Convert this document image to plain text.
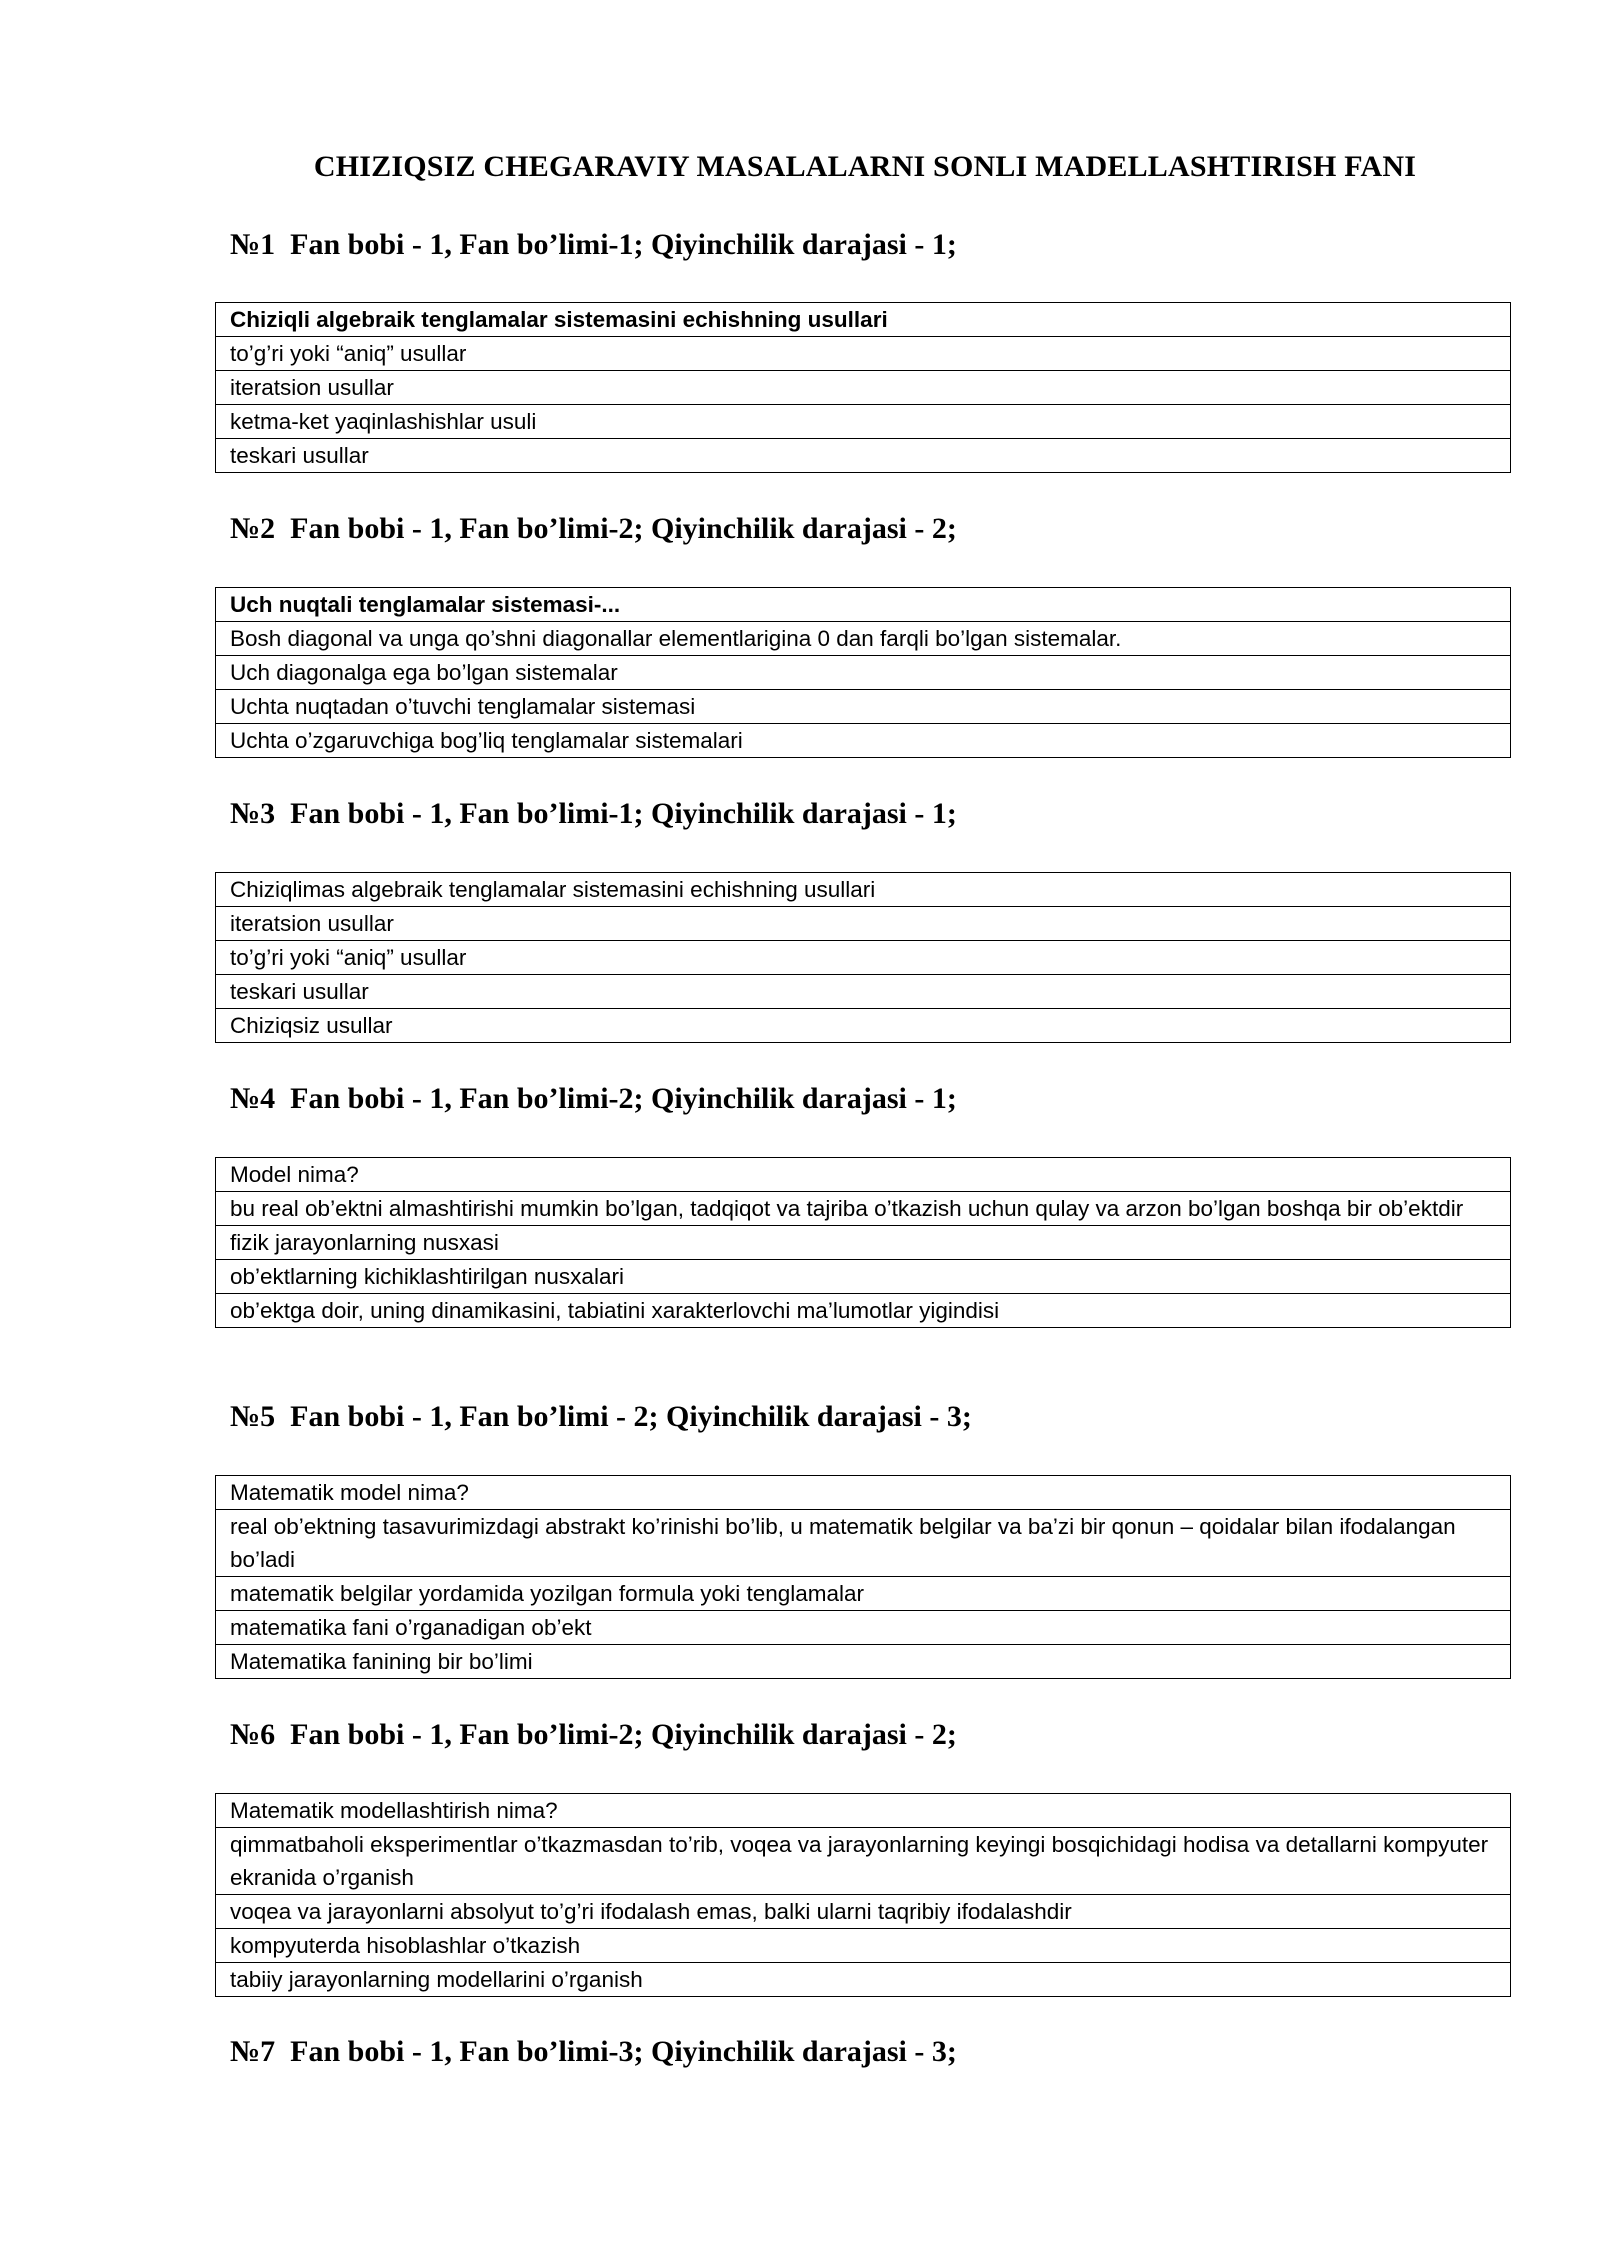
CHIZIQSIZ CHEGARAVIY MASALALARNI SONLI MADELLASHTIRISH FANI
№1  Fan bobi - 1, Fan bo’limi-1; Qiyinchilik darajasi - 1;
Chiziqli algebraik tenglamalar sistemasini echishning usullari
to’g’ri yoki “aniq” usullar
iteratsion usullar
ketma-ket yaqinlashishlar usuli
teskari usullar
№2  Fan bobi - 1, Fan bo’limi-2; Qiyinchilik darajasi - 2;
Uch nuqtali tenglamalar sistemasi-...
Bosh diagonal va unga qo’shni diagonallar elementlarigina 0 dan farqli bo’lgan sistemalar.
Uch diagonalga ega bo’lgan sistemalar
Uchta nuqtadan o’tuvchi tenglamalar sistemasi
Uchta o’zgaruvchiga bog’liq tenglamalar sistemalari
№3  Fan bobi - 1, Fan bo’limi-1; Qiyinchilik darajasi - 1;
Chiziqlimas algebraik tenglamalar sistemasini echishning usullari
iteratsion usullar
to’g’ri yoki “aniq” usullar
teskari usullar
Chiziqsiz usullar
№4  Fan bobi - 1, Fan bo’limi-2; Qiyinchilik darajasi - 1;
Model nima?
bu real ob’ektni almashtirishi mumkin bo’lgan, tadqiqot va tajriba o’tkazish uchun qulay va arzon bo’lgan boshqa bir ob’ektdir
fizik jarayonlarning nusxasi
ob’ektlarning kichiklashtirilgan nusxalari
ob’ektga doir, uning dinamikasini, tabiatini xarakterlovchi ma’lumotlar yigindisi
№5  Fan bobi - 1, Fan bo’limi - 2; Qiyinchilik darajasi - 3;
Matematik model nima?
real ob’ektning tasavurimizdagi abstrakt ko’rinishi bo’lib, u matematik belgilar va ba’zi bir qonun – qoidalar bilan ifodalangan bo’ladi
matematik belgilar yordamida yozilgan formula yoki tenglamalar
matematika fani o’rganadigan ob’ekt
Matematika fanining bir bo’limi
№6  Fan bobi - 1, Fan bo’limi-2; Qiyinchilik darajasi - 2;
Matematik modellashtirish nima?
qimmatbaholi eksperimentlar o’tkazmasdan to’rib, voqea va jarayonlarning keyingi bosqichidagi hodisa va detallarni kompyuter ekranida o’rganish
voqea va jarayonlarni absolyut to’g’ri ifodalash emas, balki ularni taqribiy ifodalashdir
kompyuterda hisoblashlar o’tkazish
tabiiy jarayonlarning modellarini o’rganish
№7  Fan bobi - 1, Fan bo’limi-3; Qiyinchilik darajasi - 3;
